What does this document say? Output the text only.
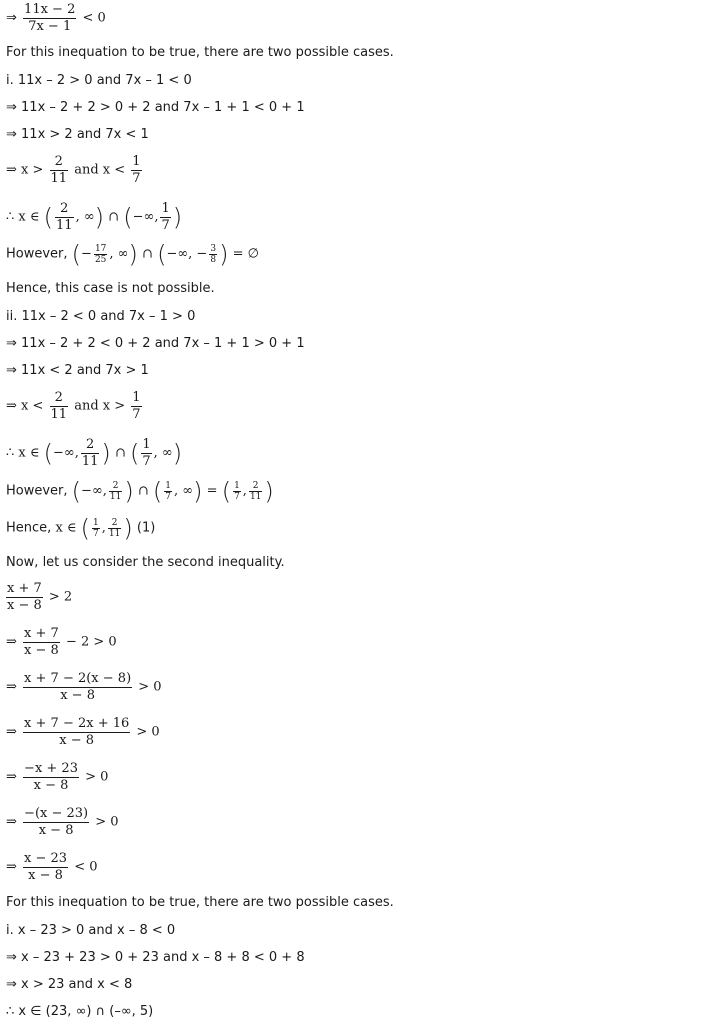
⇒ $\frac{11x - 2}{7x - 1} < 0$
For this inequation to be true, there are two possible cases.
i. 11x – 2 > 0 and 7x – 1 < 0
⇒ 11x – 2 + 2 > 0 + 2 and 7x – 1 + 1 < 0 + 1
⇒ 11x > 2 and 7x < 1
⇒ $x > \frac{2}{11}$ and $x < \frac{1}{7}$
∴ x ∈ ( $\frac{2}{11}$ , ∞) ∩ (−∞, $\frac{1}{7}$ )
However, (− $\frac{17}{25}$ , ∞) ∩ (−∞, − $\frac{3}{8}$ ) = ∅
Hence, this case is not possible.
ii. 11x – 2 < 0 and 7x – 1 > 0
⇒ 11x – 2 + 2 < 0 + 2 and 7x – 1 + 1 > 0 + 1
⇒ 11x < 2 and 7x > 1
⇒ $x < \frac{2}{11}$ and $x > \frac{1}{7}$
∴ x ∈ (−∞, $\frac{2}{11}$ ) ∩ ( $\frac{1}{7}$ , ∞)
However, (−∞, $\frac{2}{11}$ ) ∩ ( $\frac{1}{7}$ , ∞) = ( $\frac{1}{7}$ , $\frac{2}{11}$ )
Hence, x ∈ ( $\frac{1}{7}$ , $\frac{2}{11}$ ) (1)
Now, let us consider the second inequality.
$\frac{x + 7}{x - 8} > 2$
⇒ $\frac{x + 7}{x - 8} - 2 > 0$
⇒ $\frac{x + 7 - 2(x - 8)}{x - 8} > 0$
⇒ $\frac{x + 7 - 2x + 16}{x - 8} > 0$
⇒ $\frac{-x + 23}{x - 8} > 0$
⇒ $\frac{-(x - 23)}{x - 8} > 0$
⇒ $\frac{x - 23}{x - 8} < 0$
For this inequation to be true, there are two possible cases.
i. x – 23 > 0 and x – 8 < 0
⇒ x – 23 + 23 > 0 + 23 and x – 8 + 8 < 0 + 8
⇒ x > 23 and x < 8
∴ x ∈ (23, ∞) ∩ (–∞, 5)
